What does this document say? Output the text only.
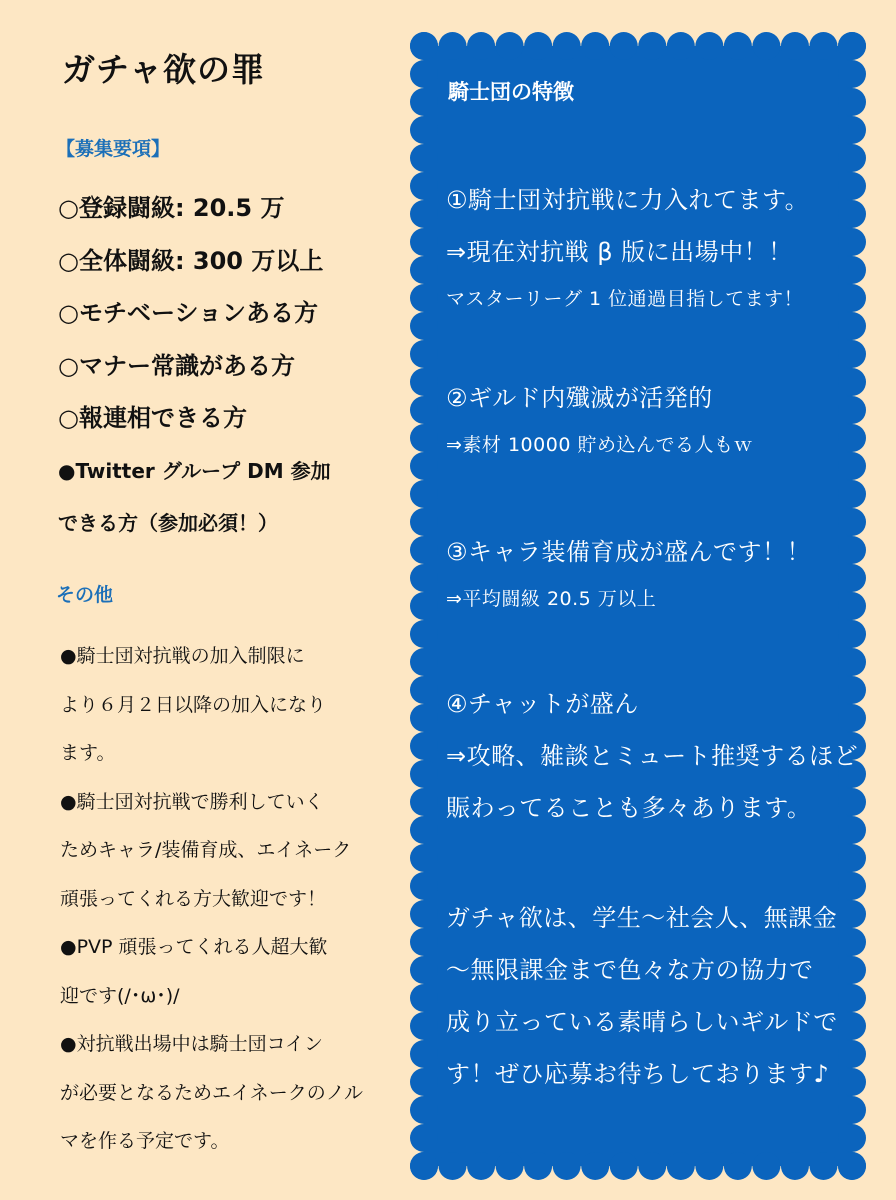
ガチャ欲の罪
【募集要項】
○登録闘級: 20.5 万
○全体闘級: 300 万以上
○モチベーションある方
○マナー常識がある方
○報連相できる方
●Twitter グループ DM 参加
できる方（参加必須！）
その他
●騎士団対抗戦の加入制限に
より６月２日以降の加入になり
ます。
●騎士団対抗戦で勝利していく
ためキャラ/装備育成、エイネーク
頑張ってくれる方大歓迎です！
●PVP 頑張ってくれる人超大歓
迎です(/･ω･)/
●対抗戦出場中は騎士団コイン
が必要となるためエイネークのノル
マを作る予定です。
騎士団の特徴
①騎士団対抗戦に力入れてます。
⇒現在対抗戦 β 版に出場中！！
マスターリーグ 1 位通過目指してます！
②ギルド内殲滅が活発的
⇒素材 10000 貯め込んでる人もｗ
③キャラ装備育成が盛んです！！
⇒平均闘級 20.5 万以上
④チャットが盛ん
⇒攻略、雑談とミュート推奨するほど
賑わってることも多々あります。
ガチャ欲は、学生～社会人、無課金
～無限課金まで色々な方の協力で
成り立っている素晴らしいギルドで
す！ぜひ応募お待ちしております♪
